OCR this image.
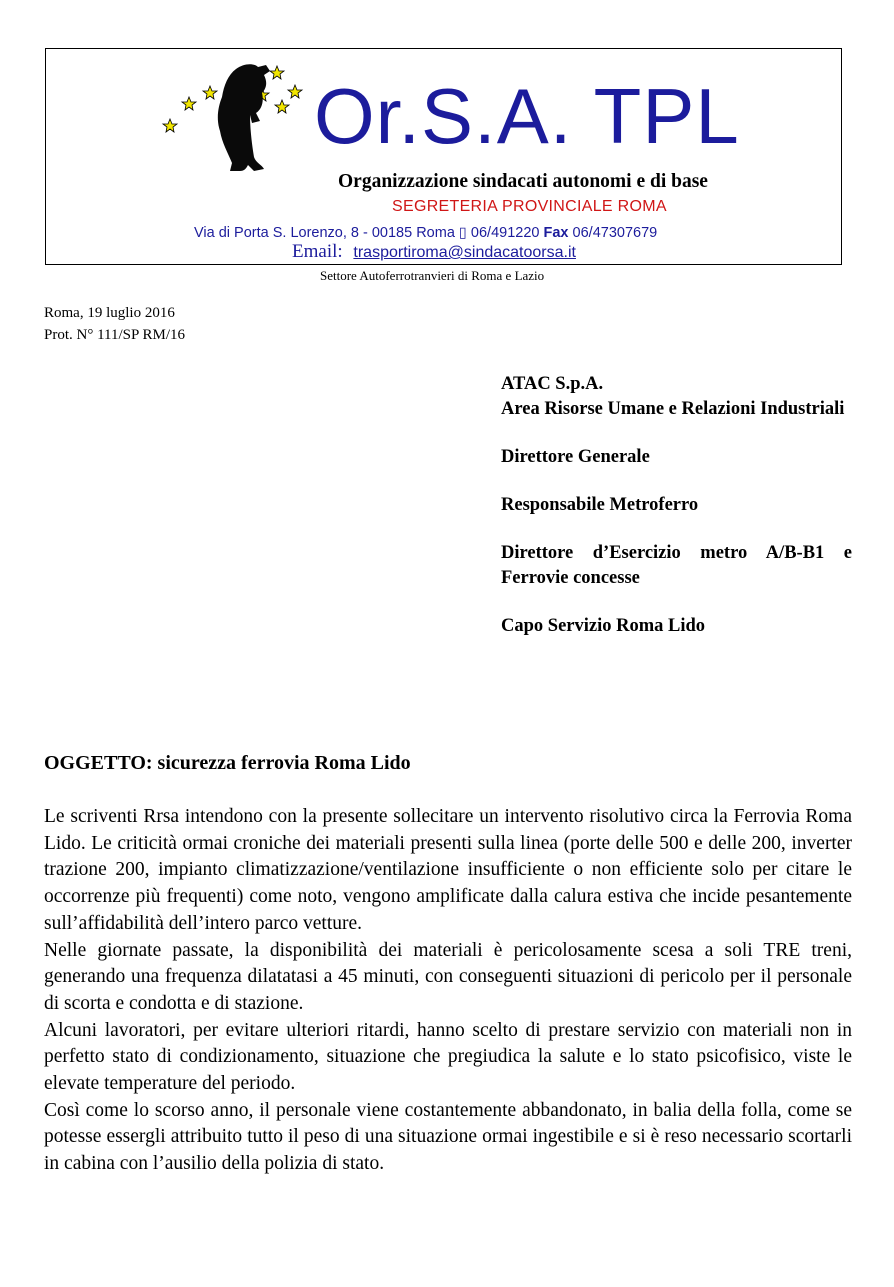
Or.S.A. TPL
Organizzazione sindacati autonomi e di base
SEGRETERIA PROVINCIALE ROMA
Via di Porta S. Lorenzo, 8 - 00185 Roma ▯ 06/491220 Fax 06/47307679
Email: trasportiroma@sindacatoorsa.it
Settore Autoferrotranvieri di Roma e Lazio
Roma, 19 luglio 2016
Prot. N° 111/SP RM/16
ATAC S.p.A.
Area Risorse Umane e Relazioni Industriali
Direttore Generale
Responsabile Metroferro
Direttore d’Esercizio metro A/B-B1 e Ferrovie concesse
Capo Servizio Roma Lido
OGGETTO: sicurezza ferrovia Roma Lido

Le scriventi Rrsa intendono con la presente sollecitare un intervento risolutivo circa la Ferrovia Roma Lido. Le criticità ormai croniche dei materiali presenti sulla linea (porte delle 500 e delle 200, inverter trazione 200, impianto climatizzazione/ventilazione insufficiente o non efficiente solo per citare le occorrenze più frequenti) come noto, vengono amplificate dalla calura estiva che incide pesantemente sull’affidabilità dell’intero parco vetture.

Nelle giornate passate, la disponibilità dei materiali è pericolosamente scesa a soli TRE treni, generando una frequenza dilatatasi a 45 minuti, con conseguenti situazioni di pericolo per il personale di scorta e condotta e di stazione.

Alcuni lavoratori, per evitare ulteriori ritardi, hanno scelto di prestare servizio con materiali non in perfetto stato di condizionamento, situazione che pregiudica la salute e lo stato psicofisico, viste le elevate temperature del periodo.

Così come lo scorso anno, il personale viene costantemente abbandonato, in balia della folla, come se potesse essergli attribuito tutto il peso di una situazione ormai ingestibile e si è reso necessario scortarli in cabina con l’ausilio della polizia di stato.
